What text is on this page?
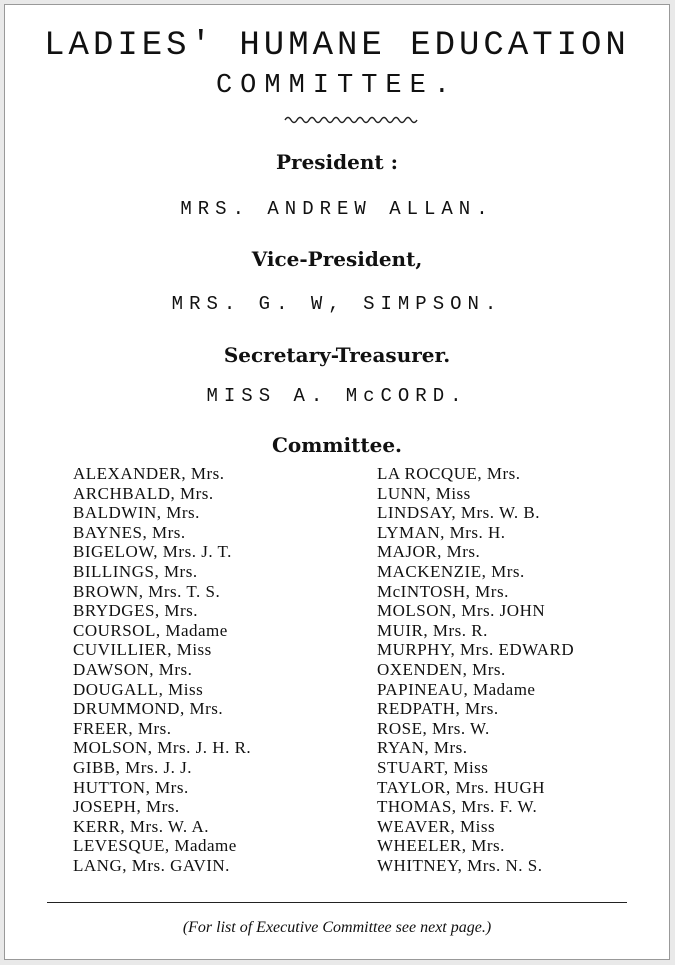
LADIES' HUMANE EDUCATION
COMMITTEE.
President :
MRS. ANDREW ALLAN.
Vice-President,
MRS. G. W, SIMPSON.
Secretary-Treasurer.
MISS A. McCORD.
Committee.
ALEXANDER, Mrs.
ARCHBALD, Mrs.
BALDWIN, Mrs.
BAYNES, Mrs.
BIGELOW, Mrs. J. T.
BILLINGS, Mrs.
BROWN, Mrs. T. S.
BRYDGES, Mrs.
COURSOL, Madame
CUVILLIER, Miss
DAWSON, Mrs.
DOUGALL, Miss
DRUMMOND, Mrs.
FREER, Mrs.
MOLSON, Mrs. J. H. R.
GIBB, Mrs. J. J.
HUTTON, Mrs.
JOSEPH, Mrs.
KERR, Mrs. W. A.
LEVESQUE, Madame
LANG, Mrs. GAVIN.
LA ROCQUE, Mrs.
LUNN, Miss
LINDSAY, Mrs. W. B.
LYMAN, Mrs. H.
MAJOR, Mrs.
MACKENZIE, Mrs.
McINTOSH, Mrs.
MOLSON, Mrs. JOHN
MUIR, Mrs. R.
MURPHY, Mrs. EDWARD
OXENDEN, Mrs.
PAPINEAU, Madame
REDPATH, Mrs.
ROSE, Mrs. W.
RYAN, Mrs.
STUART, Miss
TAYLOR, Mrs. HUGH
THOMAS, Mrs. F. W.
WEAVER, Miss
WHEELER, Mrs.
WHITNEY, Mrs. N. S.
(For list of Executive Committee see next page.)
